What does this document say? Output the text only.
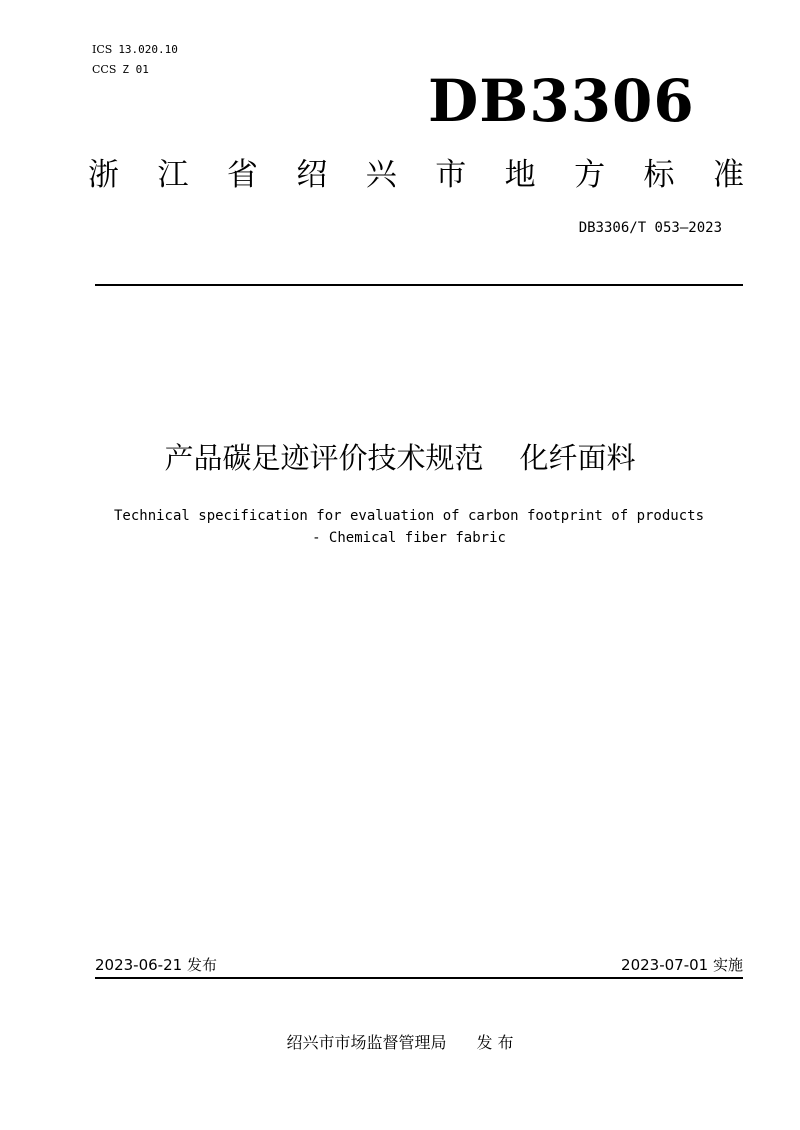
ICS 13.020.10
CCS Z 01	DB3306
浙 江 省 绍 兴 市 地 方 标 准
DB3306/T 053—2023
产品碳足迹评价技术规范 化纤面料
Technical specification for evaluation of carbon footprint of products
- Chemical fiber fabric
2023-06-21 发布	2023-07-01 实施
绍兴市市场监督管理局 发 布
